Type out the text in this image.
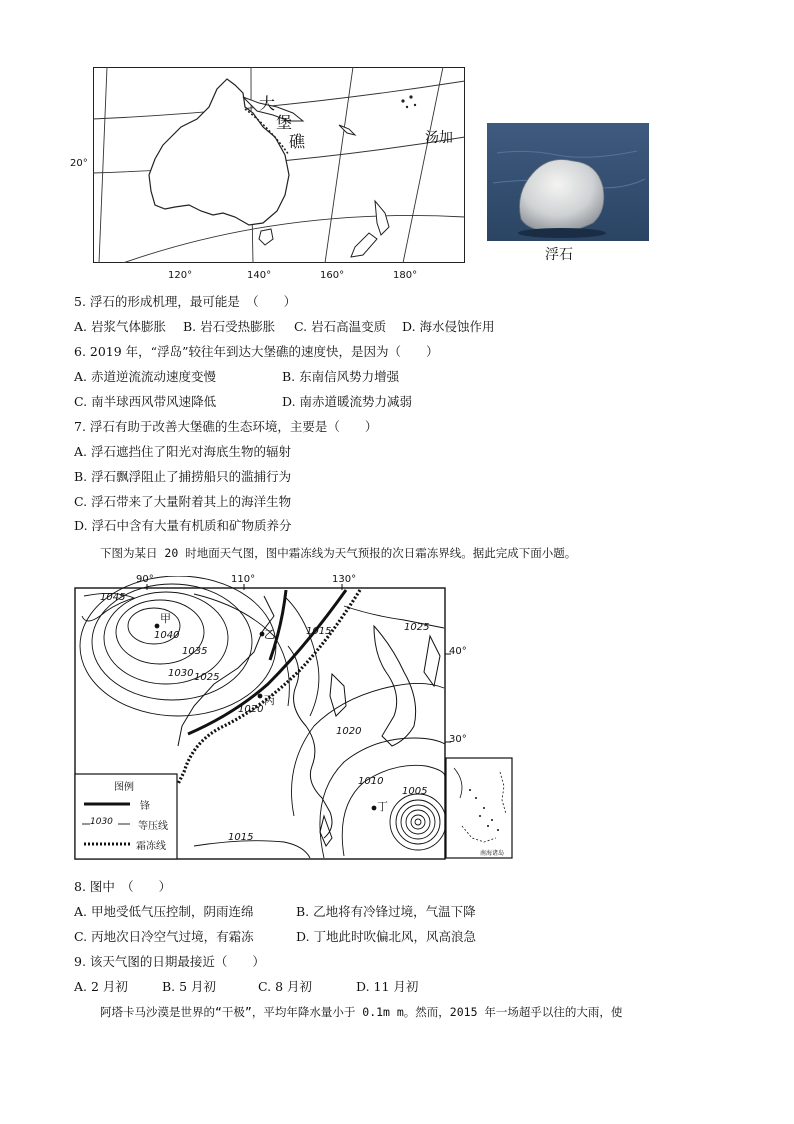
大
堡
礁	汤加
20°
120°	140°	160°	180°
浮石
5. 浮石的形成机理，最可能是　（　　）
A. 岩浆气体膨胀 B. 岩石受热膨胀 C. 岩石高温变质 D. 海水侵蚀作用
6. 2019 年，“浮岛”较往年到达大堡礁的速度快，是因为（　　）
A. 赤道逆流流动速度变慢	B. 东南信风势力增强
C. 南半球西风带风速降低	D. 南赤道暖流势力减弱
7. 浮石有助于改善大堡礁的生态环境，主要是（　　）
A. 浮石遮挡住了阳光对海底生物的辐射
B. 浮石飘浮阻止了捕捞船只的滥捕行为
C. 浮石带来了大量附着其上的海洋生物
D. 浮石中含有大量有机质和矿物质养分
下图为某日 20 时地面天气图，图中霜冻线为天气预报的次日霜冻界线。据此完成下面小题。
90°	110°	130°
40°
30°
甲
乙
丙
丁
1045
1040
1035
1030 1025
1020
1015	1025
1020
1010
1005
1015
图例
锋
1030	等压线
霜冻线
南海诸岛
8. 图中　（　　）
A. 甲地受低气压控制，阴雨连绵	B. 乙地将有冷锋过境，气温下降
C. 丙地次日冷空气过境，有霜冻	D. 丁地此时吹偏北风，风高浪急
9. 该天气图的日期最接近（　　）
A. 2 月初	B. 5 月初	C. 8 月初	D. 11 月初
阿塔卡马沙漠是世界的“干极”，平均年降水量小于 0.1m m。然而，2015 年一场超乎以往的大雨，使
